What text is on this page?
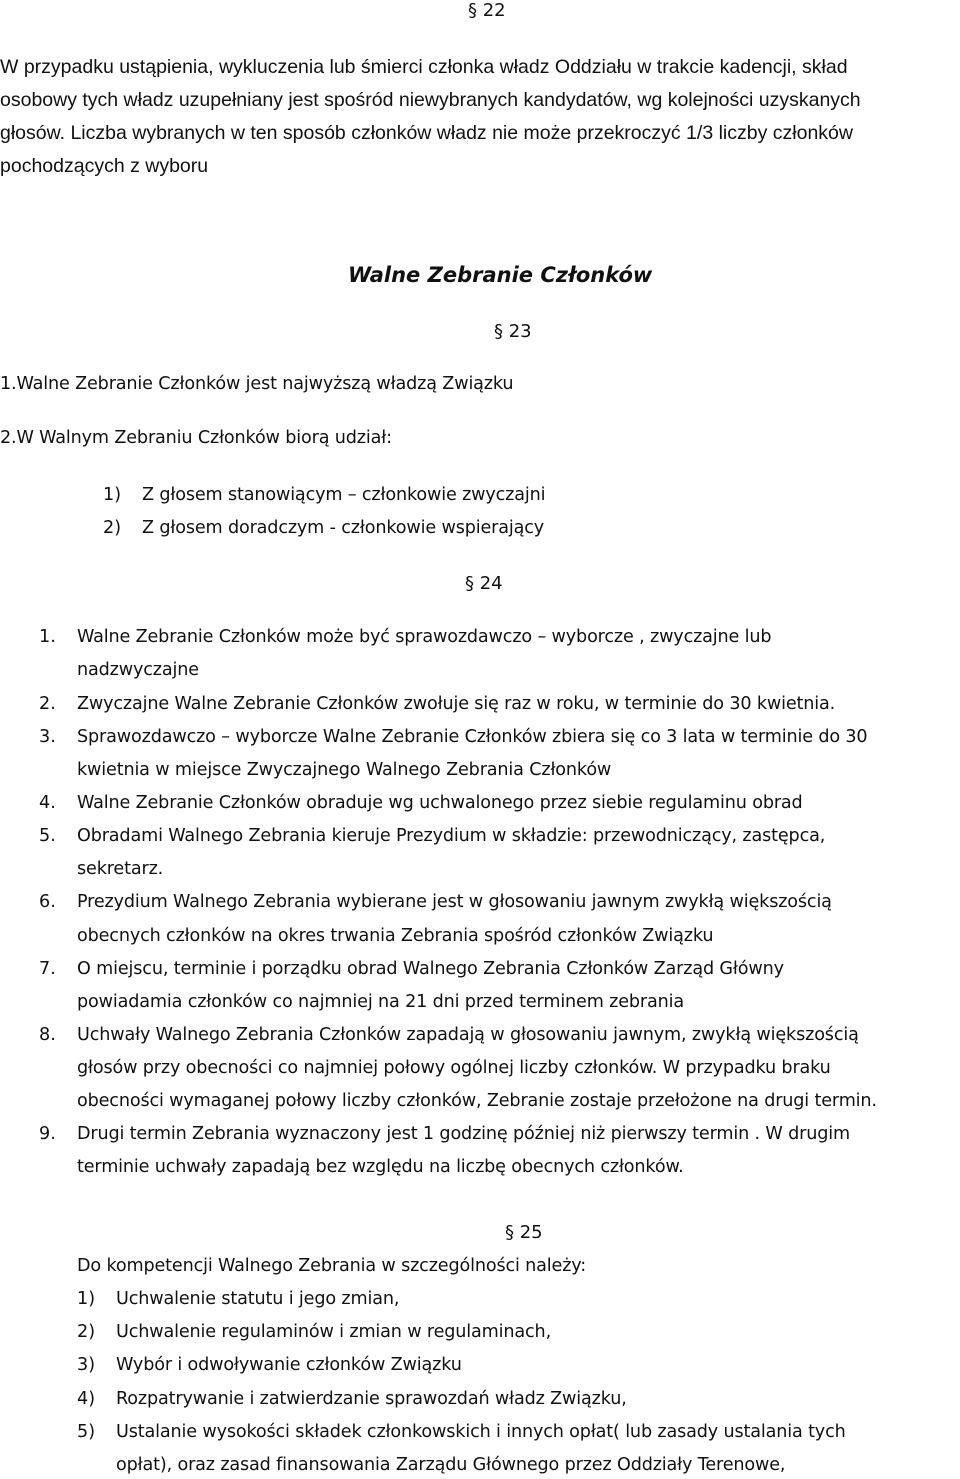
§ 22
W przypadku ustąpienia, wykluczenia lub śmierci członka władz Oddziału w trakcie kadencji, skład
osobowy tych władz uzupełniany jest spośród niewybranych kandydatów, wg kolejności uzyskanych
głosów. Liczba wybranych w ten sposób członków władz nie może przekroczyć 1/3 liczby członków
pochodzących z wyboru
Walne Zebranie Członków
§ 23
1.Walne Zebranie Członków jest najwyższą władzą Związku
2.W Walnym Zebraniu Członków biorą udział:
1) Z głosem stanowiącym – członkowie zwyczajni
2) Z głosem doradczym - członkowie wspierający
§ 24
1. Walne Zebranie Członków może być sprawozdawczo – wyborcze , zwyczajne lub
nadzwyczajne
2. Zwyczajne Walne Zebranie Członków zwołuje się raz w roku, w terminie do 30 kwietnia.
3. Sprawozdawczo – wyborcze Walne Zebranie Członków zbiera się co 3 lata w terminie do 30
kwietnia w miejsce Zwyczajnego Walnego Zebrania Członków
4. Walne Zebranie Członków obraduje wg uchwalonego przez siebie regulaminu obrad
5. Obradami Walnego Zebrania kieruje Prezydium w składzie: przewodniczący, zastępca,
sekretarz.
6. Prezydium Walnego Zebrania wybierane jest w głosowaniu jawnym zwykłą większością
obecnych członków na okres trwania Zebrania spośród członków Związku
7. O miejscu, terminie i porządku obrad Walnego Zebrania Członków Zarząd Główny
powiadamia członków co najmniej na 21 dni przed terminem zebrania
8. Uchwały Walnego Zebrania Członków zapadają w głosowaniu jawnym, zwykłą większością
głosów przy obecności co najmniej połowy ogólnej liczby członków. W przypadku braku
obecności wymaganej połowy liczby członków, Zebranie zostaje przełożone na drugi termin.
9. Drugi termin Zebrania wyznaczony jest 1 godzinę później niż pierwszy termin . W drugim
terminie uchwały zapadają bez względu na liczbę obecnych członków.
§ 25
Do kompetencji Walnego Zebrania w szczególności należy:
1) Uchwalenie statutu i jego zmian,
2) Uchwalenie regulaminów i zmian w regulaminach,
3) Wybór i odwoływanie członków Związku
4) Rozpatrywanie i zatwierdzanie sprawozdań władz Związku,
5) Ustalanie wysokości składek członkowskich i innych opłat( lub zasady ustalania tych
opłat), oraz zasad finansowania Zarządu Głównego przez Oddziały Terenowe,
